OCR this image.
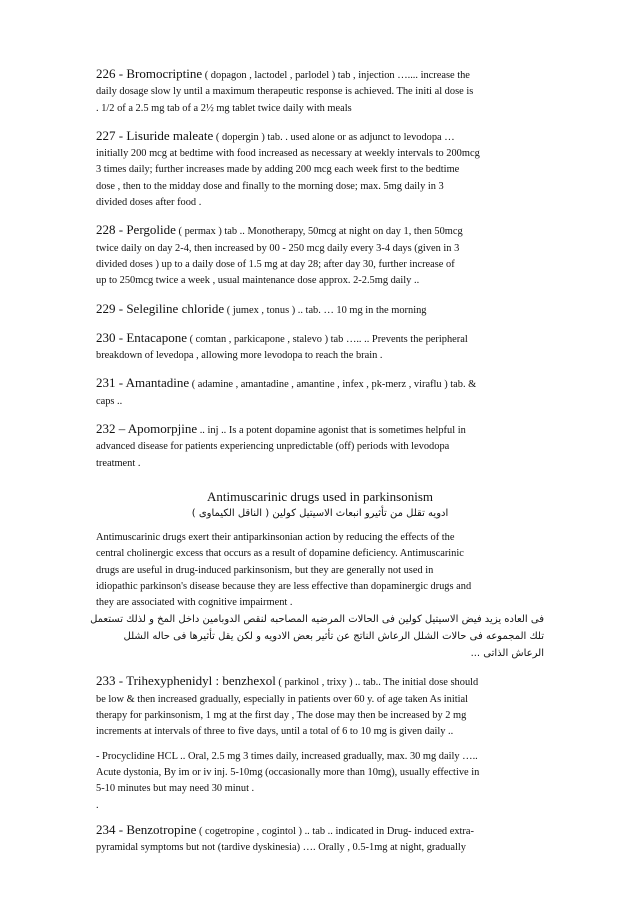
226 - Bromocriptine ( dopagon , lactodel , parlodel ) tab , injection ….... increase the
daily dosage slow ly until a maximum therapeutic response is achieved. The initi al dose is
. 1/2 of a 2.5 mg tab of a 2½ mg tablet twice daily with meals
227 - Lisuride maleate ( dopergin ) tab. . used alone or as adjunct to levodopa …
initially 200 mcg at bedtime with food increased as necessary at weekly intervals to 200mcg
3 times daily; further increases made by adding 200 mcg each week first to the bedtime
dose , then to the midday dose and finally to the morning dose; max. 5mg daily in 3
divided doses after food .
228 - Pergolide ( permax ) tab .. Monotherapy, 50mcg at night on day 1, then 50mcg
twice daily on day 2-4, then increased by 00 - 250 mcg daily every 3-4 days (given in 3
divided doses ) up to a daily dose of 1.5 mg at day 28; after day 30, further increase of
up to 250mcg twice a week , usual maintenance dose approx. 2-2.5mg daily ..
229 - Selegiline chloride ( jumex , tonus ) .. tab. … 10 mg in the morning
230 - Entacapone ( comtan , parkicapone , stalevo ) tab ….. .. Prevents the peripheral
breakdown of levedopa , allowing more levodopa to reach the brain .
231 - Amantadine ( adamine , amantadine , amantine , infex , pk-merz , viraflu ) tab. &
caps ..
232 – Apomorpjine .. inj .. Is a potent dopamine agonist that is sometimes helpful in
advanced disease for patients experiencing unpredictable (off) periods with levodopa
treatment .
Antimuscarinic drugs used in parkinsonism
ادويه تقلل من تأثيرو انبعاث الاسيتيل كولين ( الناقل الكيماوى )
Antimuscarinic drugs exert their antiparkinsonian action by reducing the effects of the
central cholinergic excess that occurs as a result of dopamine deficiency. Antimuscarinic
drugs are useful in drug-induced parkinsonism, but they are generally not used in
idiopathic parkinson's disease because they are less effective than dopaminergic drugs and
they are associated with cognitive impairment .
فى العاده يزيد فيض الاسيتيل كولين فى الحالات المرضيه المصاحبه لنقص الدوبامين داخل المخ و لذلك تستعمل
تلك المجموعه فى حالات الشلل الرعاش الناتج عن تأثير بعض الادويه و لكن يقل تأثيرها فى حاله الشلل
الرعاش الذاتى ...
233 - Trihexyphenidyl : benzhexol ( parkinol , trixy ) .. tab.. The initial dose should
be low & then increased gradually, especially in patients over 60 y. of age taken As initial
therapy for parkinsonism, 1 mg at the first day , The dose may then be increased by 2 mg
increments at intervals of three to five days, until a total of 6 to 10 mg is given daily ..
- Procyclidine HCL .. Oral, 2.5 mg 3 times daily, increased gradually, max. 30 mg daily …..
Acute dystonia, By im or iv inj. 5-10mg (occasionally more than 10mg), usually effective in
5-10 minutes but may need 30 minut .
.
234 - Benzotropine ( cogetropine , cogintol ) .. tab .. indicated in Drug- induced extra-
pyramidal symptoms but not (tardive dyskinesia) …. Orally , 0.5-1mg at night, gradually
